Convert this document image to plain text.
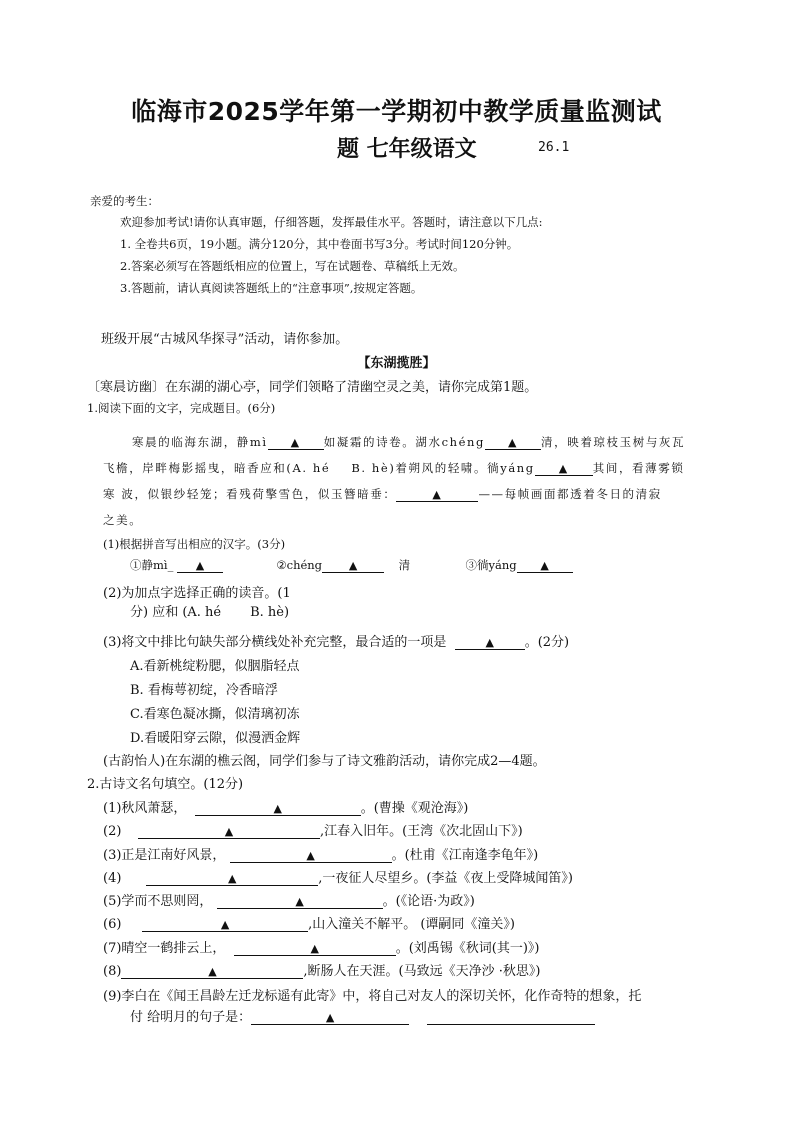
临海市2025学年第一学期初中教学质量监测试
题 七年级语文	26.1
亲爱的考生：
欢迎参加考试!请你认真审题，仔细答题，发挥最佳水平。答题时，请注意以下几点:
1. 全卷共6页，19小题。满分120分，其中卷面书写3分。考试时间120分钟。
2.答案必须写在答题纸相应的位置上，写在试题卷、草稿纸上无效。
3.答题前，请认真阅读答题纸上的“注意事项”,按规定答题。
班级开展“古城风华探寻”活动，请你参加。
【东湖揽胜】
〔寒晨访幽〕在东湖的湖心亭，同学们领略了清幽空灵之美，请你完成第1题。
1.阅读下面的文字，完成题目。(6分)
寒晨的临海东湖，静mì ▲ 如凝霜的诗卷。湖水chéng ▲ 清，映着琼枝玉树与灰瓦
飞檐，岸畔梅影摇曳，暗香应和(A. hé B. hè)着朔风的轻啸。徜yáng ▲ 其间，看薄雾锁
寒 波，似银纱轻笼；看残荷擎雪色，似玉簪暗垂：	▲	——每帧画面都透着冬日的清寂
之美。
(1)根据拼音写出相应的汉字。(3分)
①静mì_ ▲	②chéng ▲	清	③徜yáng ▲
(2)为加点字选择正确的读音。(1
分) 应和 (A. hé B. hè)
(3)将文中排比句缺失部分横线处补充完整，最合适的一项是	▲ 。(2分)
A.看新桃绽粉腮，似胭脂轻点
B. 看梅萼初绽，冷香暗浮
C.看寒色凝冰撕，似清璃初冻
D.看暖阳穿云隙，似漫洒金辉
(古韵怡人)在东湖的樵云阁，同学们参与了诗文雅韵活动，请你完成2—4题。
2.古诗文名句填空。(12分)
(1)秋风萧瑟，	▲	。(曹操《观沧海》)
(2)	▲	,江春入旧年。(王湾《次北固山下》)
(3)正是江南好风景，	▲	。(杜甫《江南逢李龟年》)
(4)	▲	,一夜征人尽望乡。(李益《夜上受降城闻笛》)
(5)学而不思则罔，	▲	。(《论语·为政》)
(6)	▲	,山入潼关不解平。 (谭嗣同《潼关》)
(7)晴空一鹤排云上，	▲	。(刘禹锡《秋词(其一)》)
(8)	▲	,断肠人在天涯。(马致远《天净沙 ·秋思》)
(9)李白在《闻王昌龄左迁龙标遥有此寄》中，将自己对友人的深切关怀，化作奇特的想象，托
付 给明月的句子是：	▲
